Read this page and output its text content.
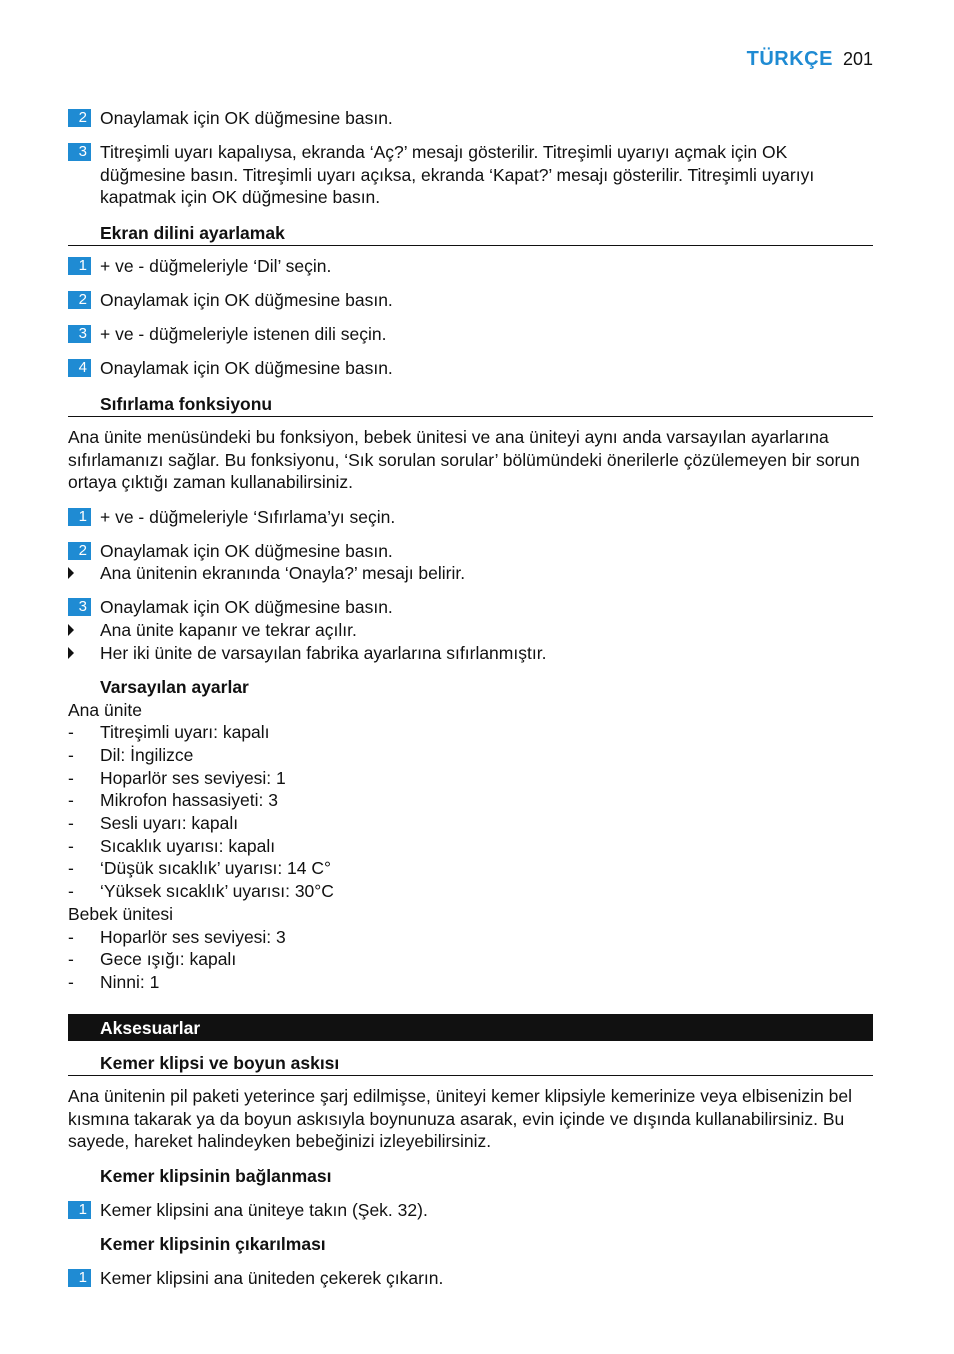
TÜRKÇE 201
2 Onaylamak için OK düğmesine basın.
3 Titreşimli uyarı kapalıysa, ekranda ‘Aç?’ mesajı gösterilir. Titreşimli uyarıyı açmak için OK düğmesine basın. Titreşimli uyarı açıksa, ekranda ‘Kapat?’ mesajı gösterilir. Titreşimli uyarıyı kapatmak için OK düğmesine basın.
Ekran dilini ayarlamak
1 + ve - düğmeleriyle ‘Dil’ seçin.
2 Onaylamak için OK düğmesine basın.
3 + ve - düğmeleriyle istenen dili seçin.
4 Onaylamak için OK düğmesine basın.
Sıfırlama fonksiyonu
Ana ünite menüsündeki bu fonksiyon, bebek ünitesi ve ana üniteyi aynı anda varsayılan ayarlarına sıfırlamanızı sağlar. Bu fonksiyonu, ‘Sık sorulan sorular’ bölümündeki önerilerle çözülemeyen bir sorun ortaya çıktığı zaman kullanabilirsiniz.
1 + ve - düğmeleriyle ‘Sıfırlama’yı seçin.
2 Onaylamak için OK düğmesine basın.
Ana ünitenin ekranında ‘Onayla?’ mesajı belirir.
3 Onaylamak için OK düğmesine basın.
Ana ünite kapanır ve tekrar açılır.
Her iki ünite de varsayılan fabrika ayarlarına sıfırlanmıştır.
Varsayılan ayarlar
Ana ünite
-	Titreşimli uyarı: kapalı
-	Dil: İngilizce
-	Hoparlör ses seviyesi: 1
-	Mikrofon hassasiyeti: 3
-	Sesli uyarı: kapalı
-	Sıcaklık uyarısı: kapalı
-	‘Düşük sıcaklık’ uyarısı: 14 C°
-	‘Yüksek sıcaklık’ uyarısı: 30°C
Bebek ünitesi
-	Hoparlör ses seviyesi: 3
-	Gece ışığı: kapalı
-	Ninni: 1
Aksesuarlar
Kemer klipsi ve boyun askısı
Ana ünitenin pil paketi yeterince şarj edilmişse, üniteyi kemer klipsiyle kemerinize veya elbisenizin bel kısmına takarak ya da boyun askısıyla boynunuza asarak, evin içinde ve dışında kullanabilirsiniz. Bu sayede, hareket halindeyken bebeğinizi izleyebilirsiniz.
Kemer klipsinin bağlanması
1 Kemer klipsini ana üniteye takın (Şek. 32).
Kemer klipsinin çıkarılması
1 Kemer klipsini ana üniteden çekerek çıkarın.
